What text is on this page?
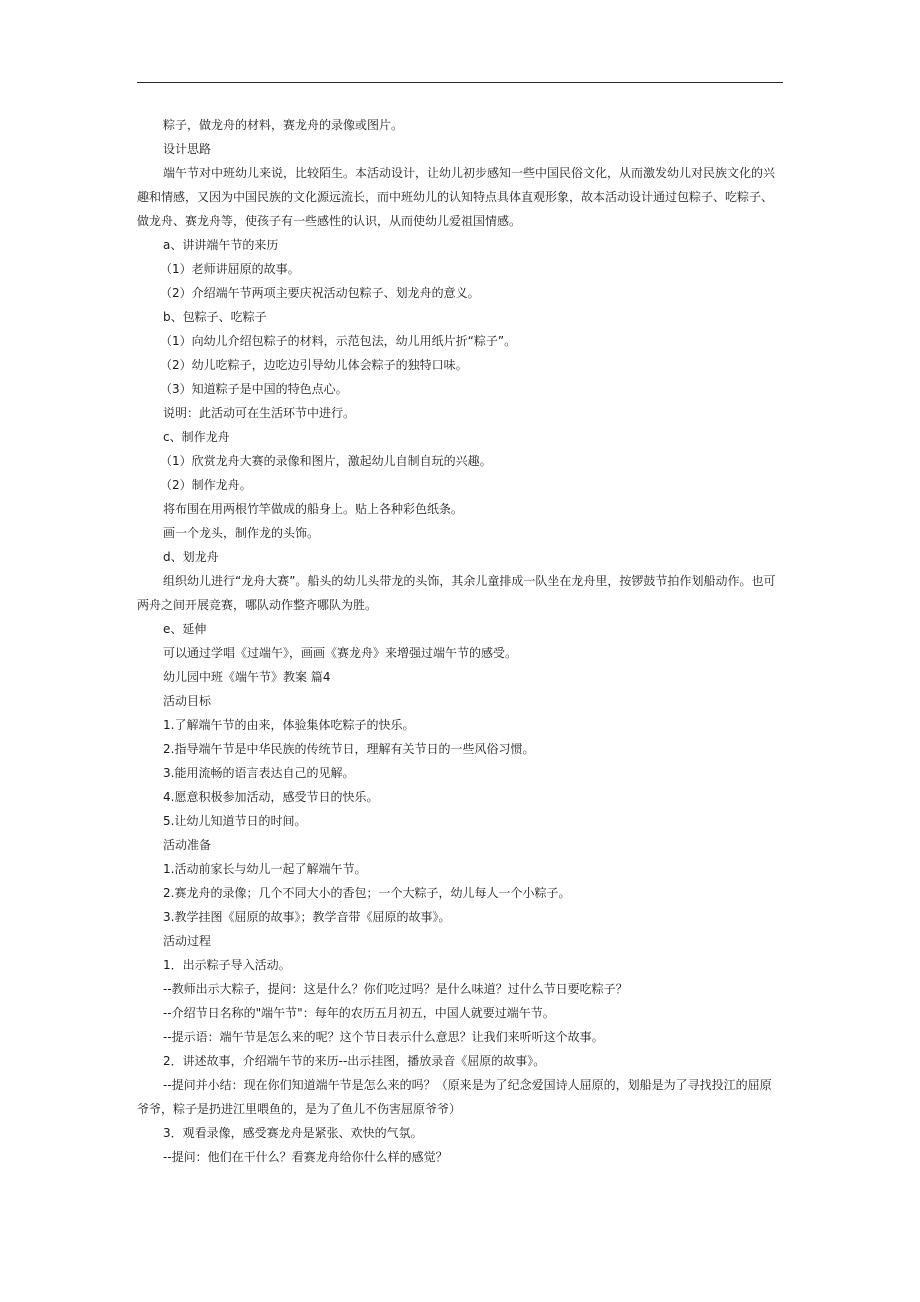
粽子，做龙舟的材料，赛龙舟的录像或图片。

设计思路

端午节对中班幼儿来说，比较陌生。本活动设计，让幼儿初步感知一些中国民俗文化，从而激发幼儿对民族文化的兴趣和情感，又因为中国民族的文化源远流长，而中班幼儿的认知特点具体直观形象，故本活动设计通过包粽子、吃粽子、做龙舟、赛龙舟等，使孩子有一些感性的认识，从而使幼儿爱祖国情感。

a、讲讲端午节的来历

（1）老师讲屈原的故事。

（2）介绍端午节两项主要庆祝活动包粽子、划龙舟的意义。

b、包粽子、吃粽子

（1）向幼儿介绍包粽子的材料，示范包法，幼儿用纸片折“粽子”。

（2）幼儿吃粽子，边吃边引导幼儿体会粽子的独特口味。

（3）知道粽子是中国的特色点心。

说明：此活动可在生活环节中进行。

c、制作龙舟

（1）欣赏龙舟大赛的录像和图片，激起幼儿自制自玩的兴趣。

（2）制作龙舟。

将布围在用两根竹竿做成的船身上。贴上各种彩色纸条。

画一个龙头，制作龙的头饰。

d、划龙舟

组织幼儿进行“龙舟大赛”。船头的幼儿头带龙的头饰，其余儿童排成一队坐在龙舟里，按锣鼓节拍作划船动作。也可两舟之间开展竞赛，哪队动作整齐哪队为胜。

e、延伸

可以通过学唱《过端午》，画画《赛龙舟》来增强过端午节的感受。

幼儿园中班《端午节》教案 篇4

活动目标

1.了解端午节的由来，体验集体吃粽子的快乐。

2.指导端午节是中华民族的传统节日，理解有关节日的一些风俗习惯。

3.能用流畅的语言表达自己的见解。

4.愿意积极参加活动，感受节日的快乐。

5.让幼儿知道节日的时间。

活动准备

1.活动前家长与幼儿一起了解端午节。

2.赛龙舟的录像；几个不同大小的香包；一个大粽子，幼儿每人一个小粽子。

3.教学挂图《屈原的故事》；教学音带《屈原的故事》。

活动过程

1．出示粽子导入活动。

--教师出示大粽子，提问：这是什么？你们吃过吗？是什么味道？过什么节日要吃粽子？

--介绍节日名称的"端午节"：每年的农历五月初五，中国人就要过端午节。

--提示语：端午节是怎么来的呢？这个节日表示什么意思？让我们来听听这个故事。

2．讲述故事，介绍端午节的来历--出示挂图，播放录音《屈原的故事》。

--提问并小结：现在你们知道端午节是怎么来的吗？（原来是为了纪念爱国诗人屈原的，划船是为了寻找投江的屈原爷爷，粽子是扔进江里喂鱼的，是为了鱼儿不伤害屈原爷爷）

3．观看录像，感受赛龙舟是紧张、欢快的气氛。

--提问：他们在干什么？看赛龙舟给你什么样的感觉？
